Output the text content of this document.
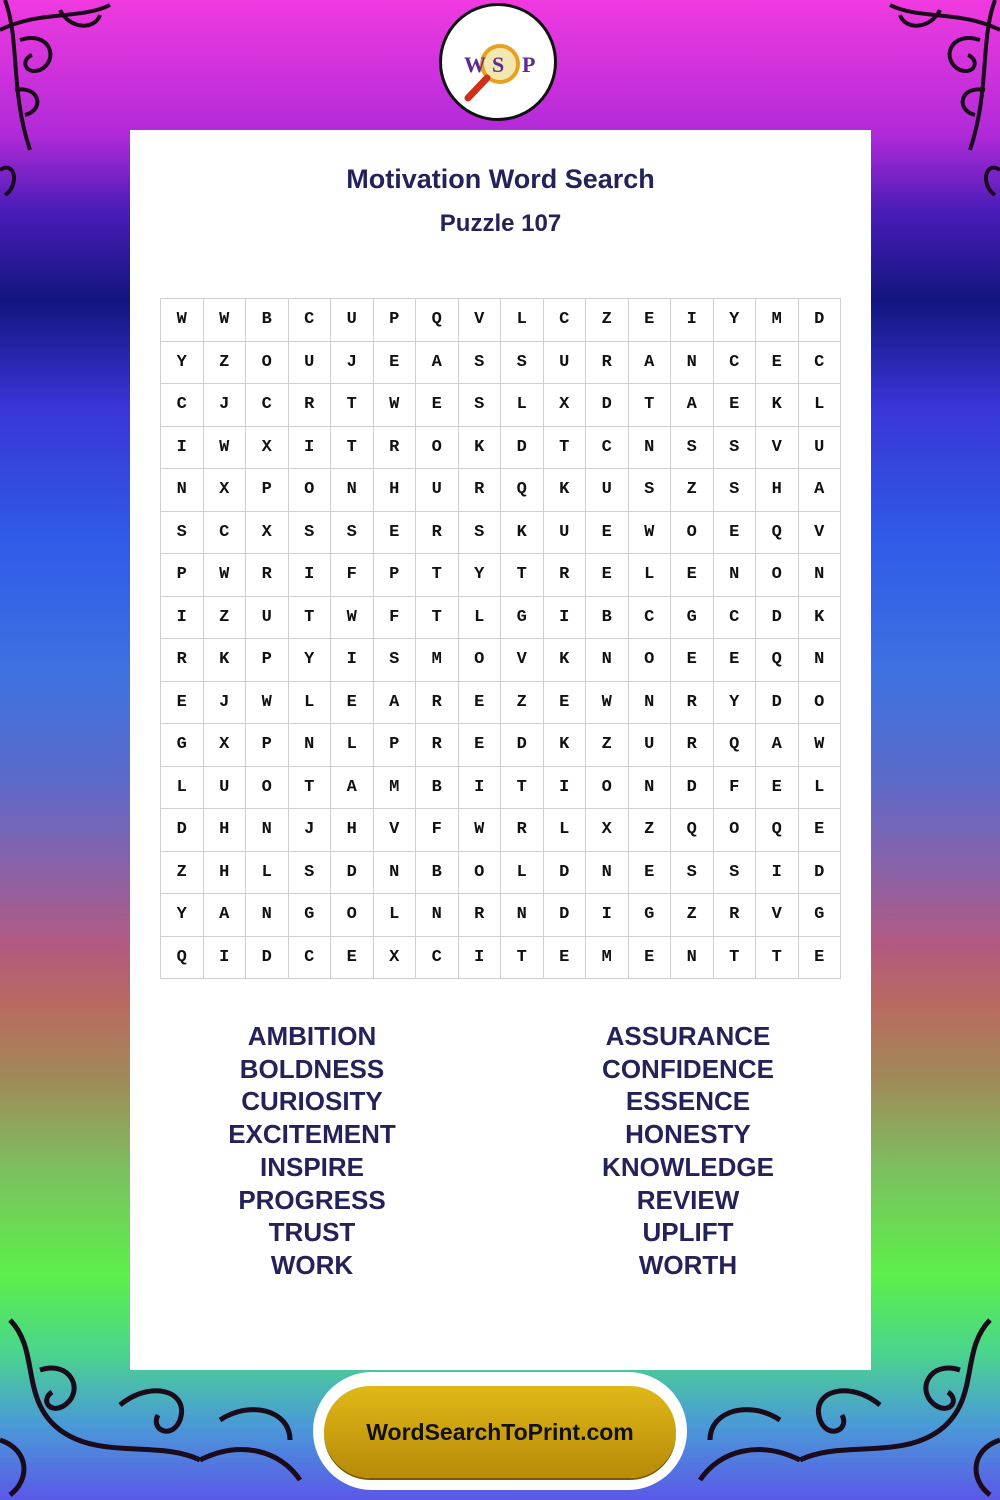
W S P
Motivation Word Search
Puzzle 107
W	W	B	C	U	P	Q	V	L	C	Z	E	I	Y	M	D
Y	Z	O	U	J	E	A	S	S	U	R	A	N	C	E	C
C	J	C	R	T	W	E	S	L	X	D	T	A	E	K	L
I	W	X	I	T	R	O	K	D	T	C	N	S	S	V	U
N	X	P	O	N	H	U	R	Q	K	U	S	Z	S	H	A
S	C	X	S	S	E	R	S	K	U	E	W	O	E	Q	V
P	W	R	I	F	P	T	Y	T	R	E	L	E	N	O	N
I	Z	U	T	W	F	T	L	G	I	B	C	G	C	D	K
R	K	P	Y	I	S	M	O	V	K	N	O	E	E	Q	N
E	J	W	L	E	A	R	E	Z	E	W	N	R	Y	D	O
G	X	P	N	L	P	R	E	D	K	Z	U	R	Q	A	W
L	U	O	T	A	M	B	I	T	I	O	N	D	F	E	L
D	H	N	J	H	V	F	W	R	L	X	Z	Q	O	Q	E
Z	H	L	S	D	N	B	O	L	D	N	E	S	S	I	D
Y	A	N	G	O	L	N	R	N	D	I	G	Z	R	V	G
Q	I	D	C	E	X	C	I	T	E	M	E	N	T	T	E
AMBITION
BOLDNESS
CURIOSITY
EXCITEMENT
INSPIRE
PROGRESS
TRUST
WORK
ASSURANCE
CONFIDENCE
ESSENCE
HONESTY
KNOWLEDGE
REVIEW
UPLIFT
WORTH
WordSearchToPrint.com
